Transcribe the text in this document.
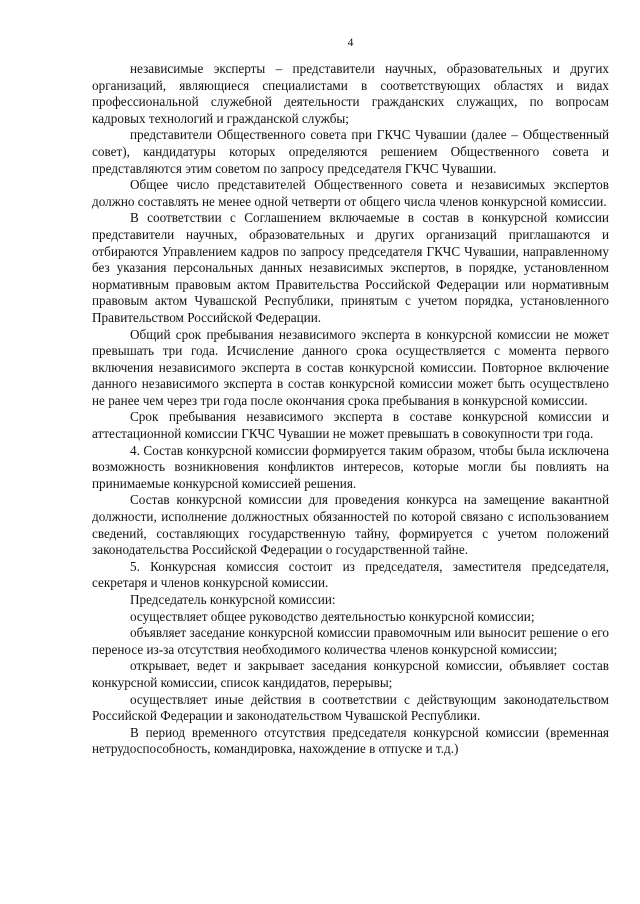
4

независимые эксперты – представители научных, образовательных и других организаций, являющиеся специалистами в соответствующих областях и видах профессиональной служебной деятельности гражданских служащих, по вопросам кадровых технологий и гражданской службы;

представители Общественного совета при ГКЧС Чувашии (далее – Общественный совет), кандидатуры которых определяются решением Общественного совета и представляются этим советом по запросу председателя ГКЧС Чувашии.

Общее число представителей Общественного совета и независимых экспертов должно составлять не менее одной четверти от общего числа членов конкурсной комиссии.

В соответствии с Соглашением включаемые в состав в конкурсной комиссии представители научных, образовательных и других организаций приглашаются и отбираются Управлением кадров по запросу председателя ГКЧС Чувашии, направленному без указания персональных данных независимых экспертов, в порядке, установленном нормативным правовым актом Правительства Российской Федерации или нормативным правовым актом Чувашской Республики, принятым с учетом порядка, установленного Правительством Российской Федерации.

Общий срок пребывания независимого эксперта в конкурсной комиссии не может превышать три года. Исчисление данного срока осуществляется с момента первого включения независимого эксперта в состав конкурсной комиссии. Повторное включение данного независимого эксперта в состав конкурсной комиссии может быть осуществлено не ранее чем через три года после окончания срока пребывания в конкурсной комиссии.

Срок пребывания независимого эксперта в составе конкурсной комиссии и аттестационной комиссии ГКЧС Чувашии не может превышать в совокупности три года.

4. Состав конкурсной комиссии формируется таким образом, чтобы была исключена возможность возникновения конфликтов интересов, которые могли бы повлиять на принимаемые конкурсной комиссией решения.

Состав конкурсной комиссии для проведения конкурса на замещение вакантной должности, исполнение должностных обязанностей по которой связано с использованием сведений, составляющих государственную тайну, формируется с учетом положений законодательства Российской Федерации о государственной тайне.

5. Конкурсная комиссия состоит из председателя, заместителя председателя, секретаря и членов конкурсной комиссии.

Председатель конкурсной комиссии:

осуществляет общее руководство деятельностью конкурсной комиссии;

объявляет заседание конкурсной комиссии правомочным или выносит решение о его переносе из-за отсутствия необходимого количества членов конкурсной комиссии;

открывает, ведет и закрывает заседания конкурсной комиссии, объявляет состав конкурсной комиссии, список кандидатов, перерывы;

осуществляет иные действия в соответствии с действующим законодательством Российской Федерации и законодательством Чувашской Республики.

В период временного отсутствия председателя конкурсной комиссии (временная нетрудоспособность, командировка, нахождение в отпуске и т.д.)
